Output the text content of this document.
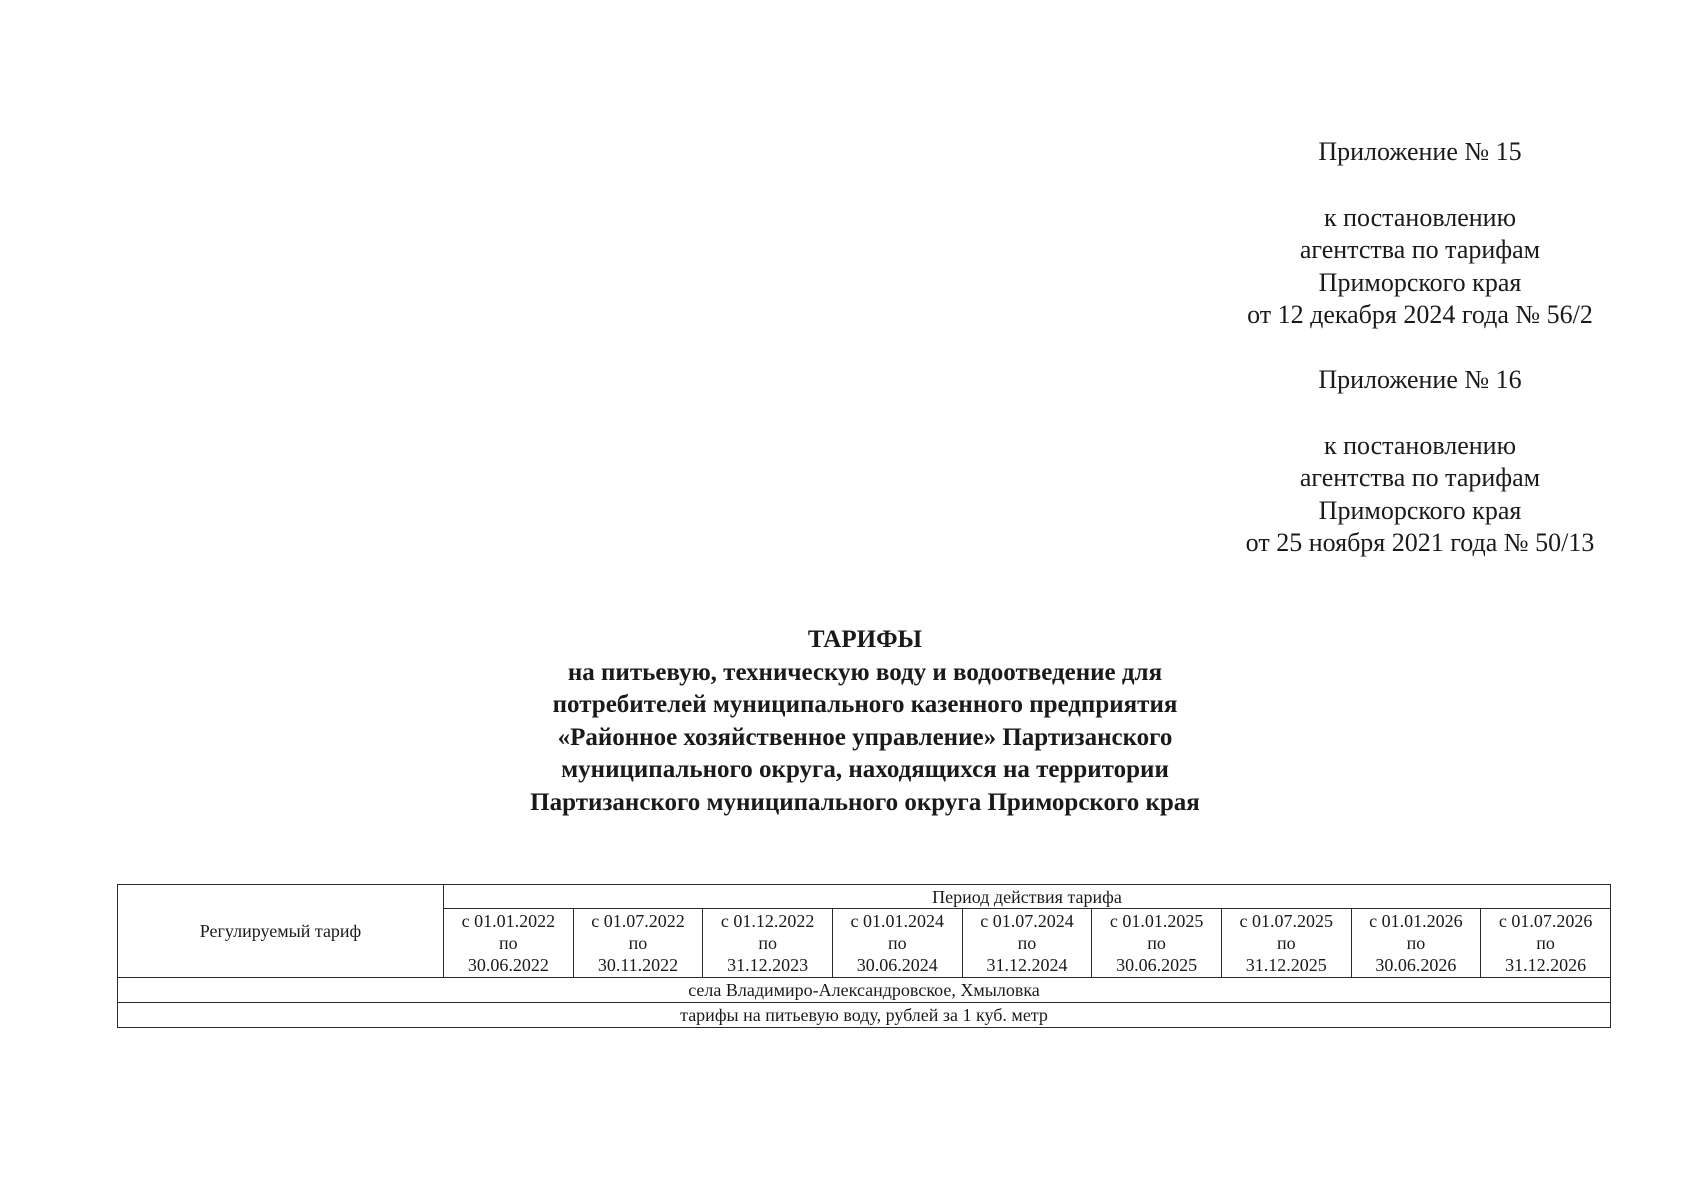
Приложение № 15

к постановлению

агентства по тарифам

Приморского края

от 12 декабря 2024 года № 56/2

Приложение № 16

к постановлению

агентства по тарифам

Приморского края

от 25 ноября 2021 года № 50/13

ТАРИФЫ

на питьевую, техническую воду и водоотведение для

потребителей муниципального казенного предприятия

«Районное хозяйственное управление» Партизанского

муниципального округа, находящихся на территории

Партизанского муниципального округа Приморского края

Регулируемый тариф	Период действия тарифа								

	с 01.01.2022
по
30.06.2022	с 01.07.2022
по
30.11.2022	с 01.12.2022
по
31.12.2023	с 01.01.2024
по
30.06.2024	с 01.07.2024
по
31.12.2024	с 01.01.2025
по
30.06.2025	с 01.07.2025
по
31.12.2025	с 01.01.2026
по
30.06.2026	с 01.07.2026
по
31.12.2026

села Владимиро-Александровское, Хмыловка									
тарифы на питьевую воду, рублей за 1 куб. метр									
